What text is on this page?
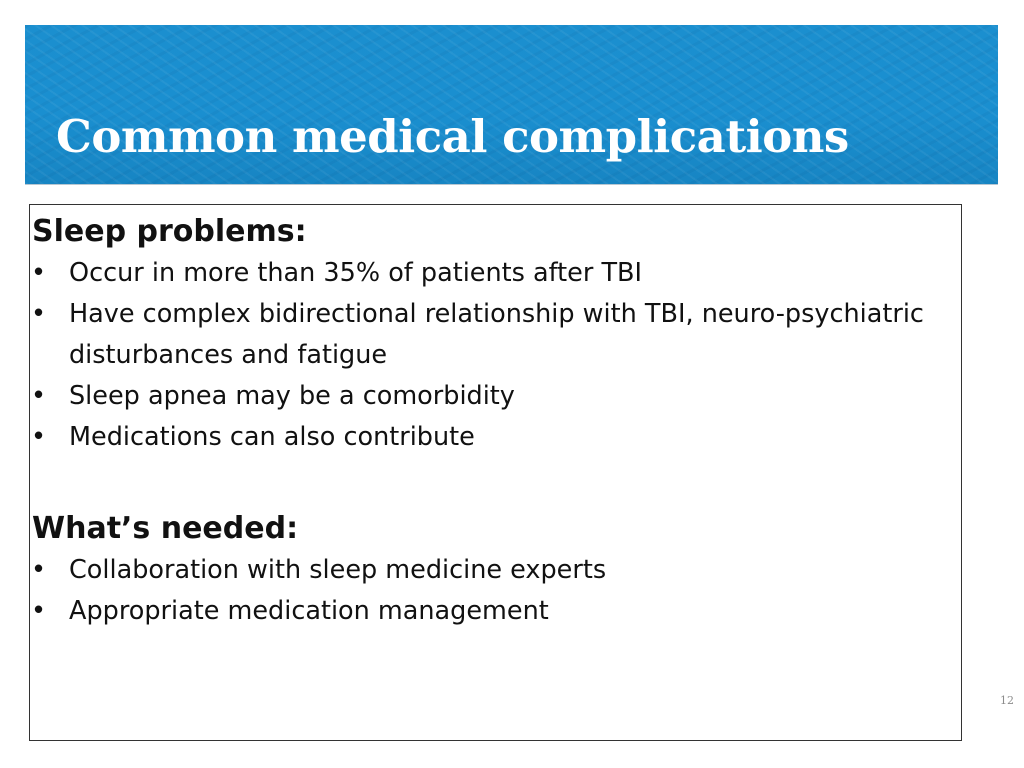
Common medical complications
Sleep problems:
• Occur in more than 35% of patients after TBI
• Have complex bidirectional relationship with TBI, neuro-psychiatric disturbances and fatigue
• Sleep apnea may be a comorbidity
• Medications can also contribute
What’s needed:
• Collaboration with sleep medicine experts
• Appropriate medication management
12
